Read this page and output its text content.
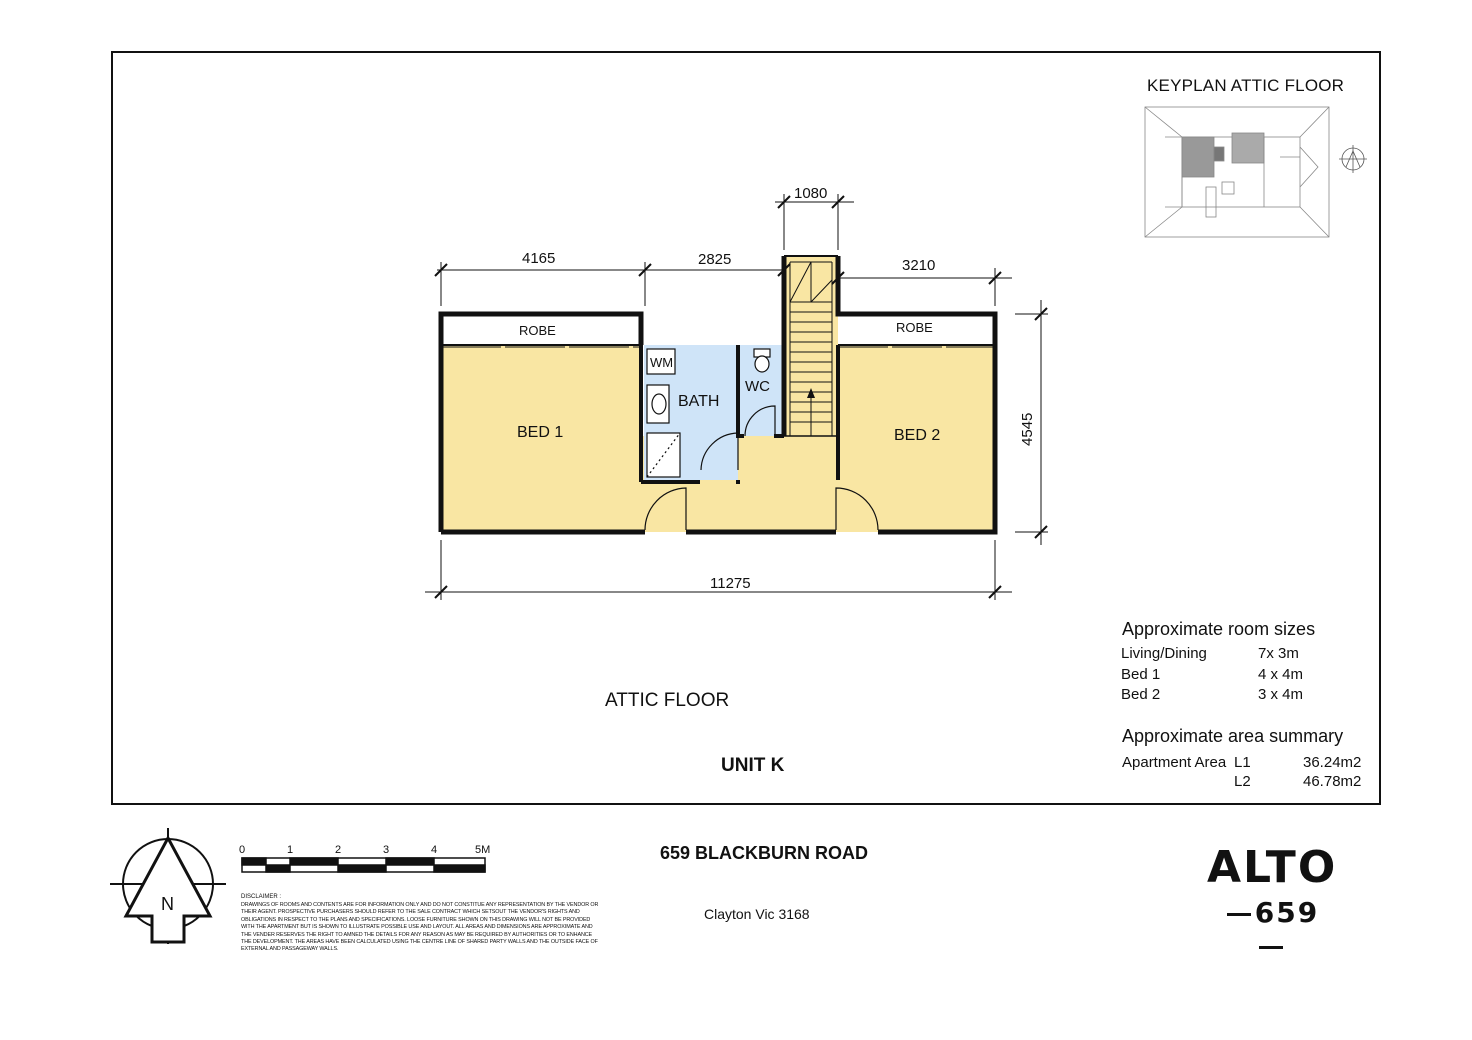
4165	2825
1080
3210
11275
4545
ROBE	ROBE
BED 1	BED 2
BATH
WC
WM
N
0	1	2	3	4	5M
Living/Dining	7x 3m
Bed 1	4 x 4m
Bed 2	3 x 4m
Apartment Area L1	36.24m2
L2	46.78m2
KEYPLAN ATTIC FLOOR
ATTIC FLOOR
UNIT K
Approximate room sizes
Approximate area summary
659 BLACKBURN ROAD
Clayton Vic 3168
ALTO
659
DISCLAIMER :
DRAWINGS OF ROOMS AND CONTENTS ARE FOR INFORMATION ONLY AND DO NOT CONSTITUE ANY REPRESENTATION BY THE VENDOR OR THEIR AGENT. PROSPECTIVE PURCHASERS SHOULD REFER TO THE SALE CONTRACT WHICH SETSOUT THE VENDOR'S RIGHTS AND OBLIGATIONS IN RESPECT TO THE PLANS AND SPECIFICATIONS. LOOSE FURNITURE SHOWN ON THIS DRAWING WILL NOT BE PROVIDED WITH THE APARTMENT BUT IS SHOWN TO ILLUSTRATE POSSIBLE USE AND LAYOUT. ALL AREAS AND DIMENSIONS ARE APPROXIMATE AND THE VENDER RESERVES THE RIGHT TO AMNED THE DETAILS FOR ANY REASON AS MAY BE REQUIRED BY AUTHORITIES OR TO ENHANCE THE DEVELOPMENT. THE AREAS HAVE BEEN CALCULATED USING THE CENTRE LINE OF SHARED PARTY WALLS AND THE OUTSIDE FACE OF EXTERNAL AND PASSAGEWAY WALLS.
